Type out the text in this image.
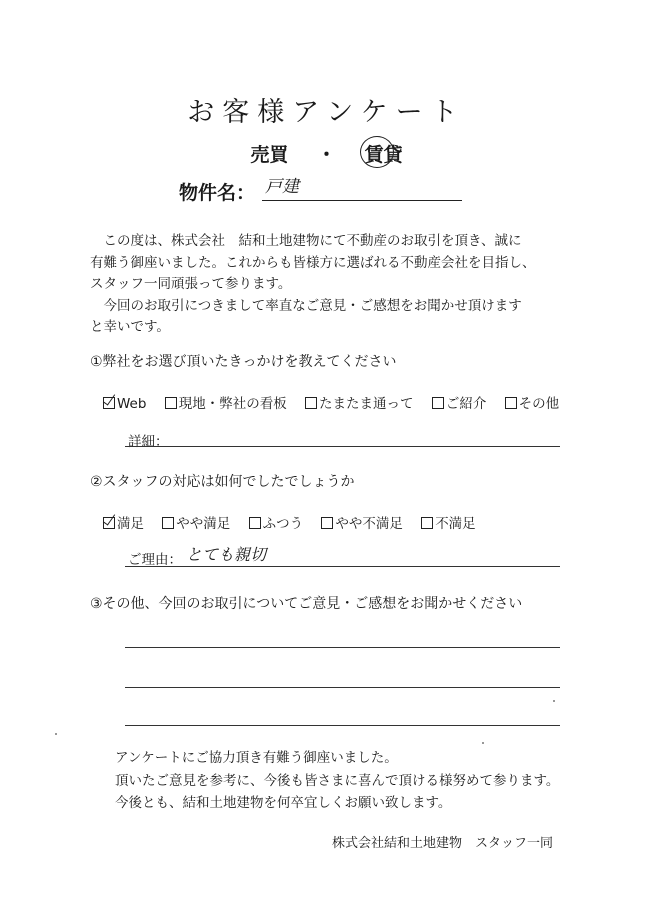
お客様アンケート
売買 ・ 賃貸
物件名： 戸建

　この度は、株式会社　結和土地建物にて不動産のお取引を頂き、誠に

有難う御座いました。これからも皆様方に選ばれる不動産会社を目指し、

スタッフ一同頑張って参ります。

　今回のお取引につきまして率直なご意見・ご感想をお聞かせ頂けます

と幸いです。

①弊社をお選び頂いたきっかけを教えてください
Web 現地・弊社の看板 たまたま通って ご紹介 その他
詳細：
②スタッフの対応は如何でしたでしょうか
満足 やや満足 ふつう やや不満足 不満足
ご理由： とても親切
③その他、今回のお取引についてご意見・ご感想をお聞かせください

アンケートにご協力頂き有難う御座いました。

頂いたご意見を参考に、今後も皆さまに喜んで頂ける様努めて参ります。

今後とも、結和土地建物を何卒宜しくお願い致します。

株式会社結和土地建物　スタッフ一同
